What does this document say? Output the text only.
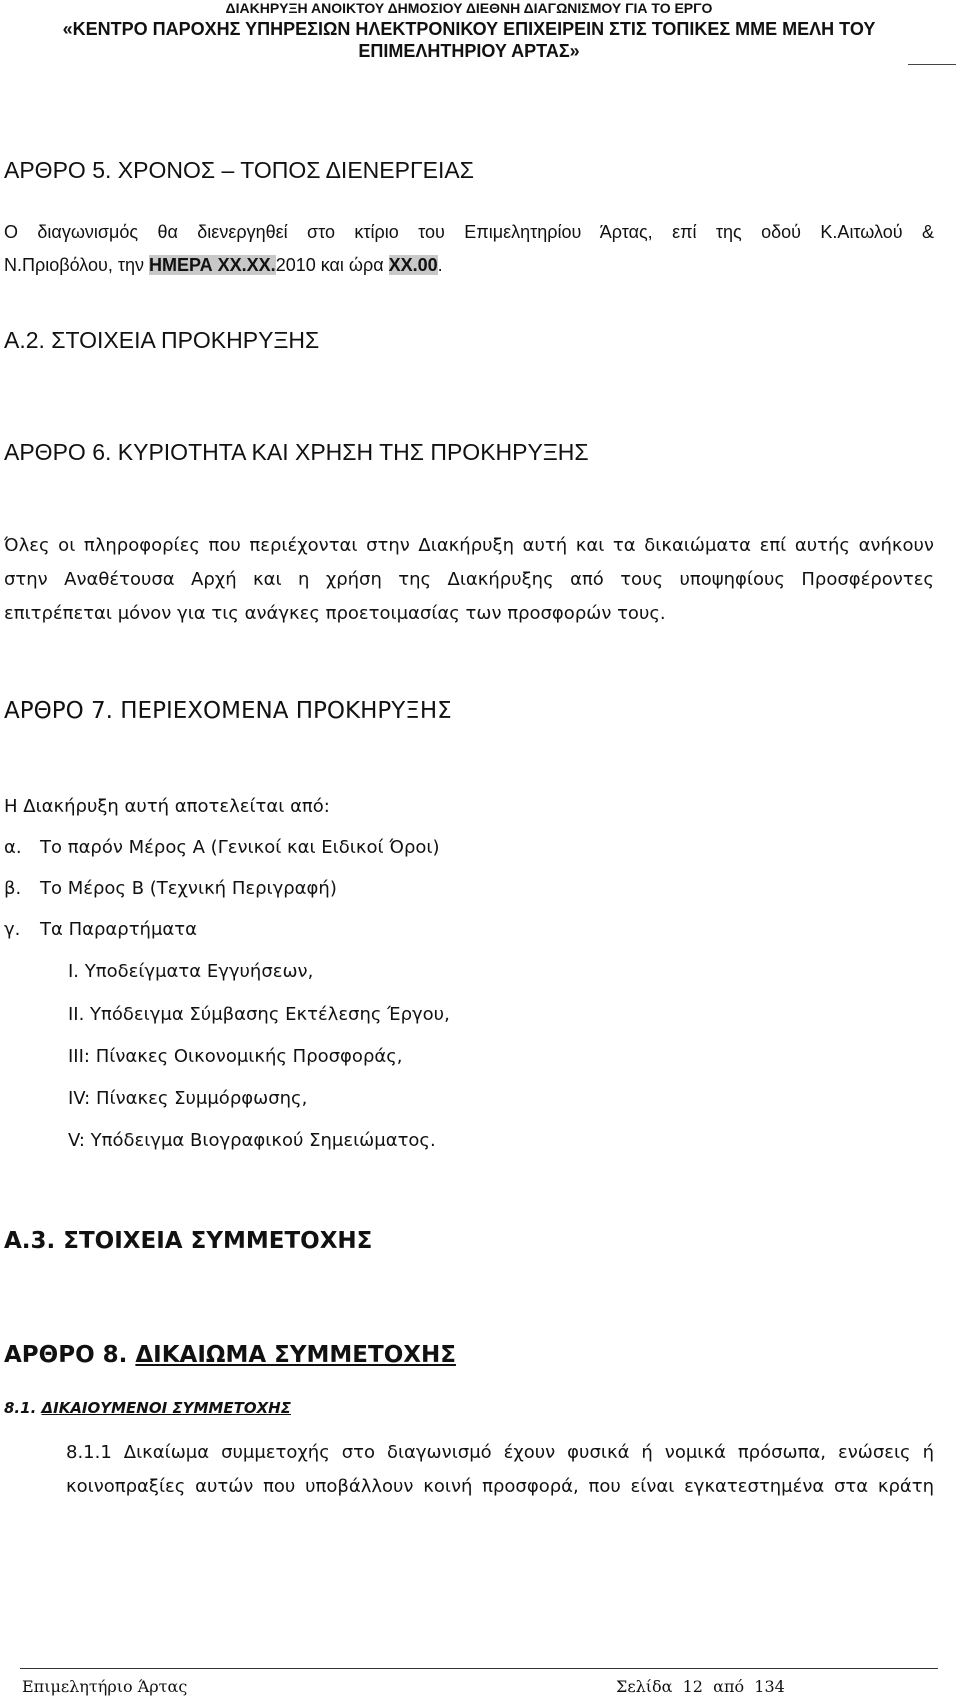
ΔΙΑΚΗΡΥΞΗ ΑΝΟΙΚΤΟΥ ΔΗΜΟΣΙΟΥ ΔΙΕΘΝΗ ΔΙΑΓΩΝΙΣΜΟΥ ΓΙΑ ΤΟ ΕΡΓΟ
«ΚΕΝΤΡΟ ΠΑΡΟΧΗΣ ΥΠΗΡΕΣΙΩΝ ΗΛΕΚΤΡΟΝΙΚΟΥ ΕΠΙΧΕΙΡΕΙΝ ΣΤΙΣ ΤΟΠΙΚΕΣ ΜΜΕ ΜΕΛΗ ΤΟΥ
ΕΠΙΜΕΛΗΤΗΡΙΟΥ ΑΡΤΑΣ»
ΑΡΘΡΟ 5. ΧΡΟΝΟΣ – ΤΟΠΟΣ ΔΙΕΝΕΡΓΕΙΑΣ
Ο διαγωνισμός θα διενεργηθεί στο κτίριο του Επιμελητηρίου Άρτας, επί της οδού Κ.Αιτωλού &
Ν.Πριοβόλου, την ΗΜΕΡΑ ΧΧ.ΧΧ.2010 και ώρα ΧΧ.00.
Α.2. ΣΤΟΙΧΕΙΑ ΠΡΟΚΗΡΥΞΗΣ
ΑΡΘΡΟ 6. ΚΥΡΙΟΤΗΤΑ ΚΑΙ ΧΡΗΣΗ ΤΗΣ ΠΡΟΚΗΡΥΞΗΣ
Όλες οι πληροφορίες που περιέχονται στην Διακήρυξη αυτή και τα δικαιώματα επί αυτής ανήκουν
στην Αναθέτουσα Αρχή και η χρήση της Διακήρυξης από τους υποψηφίους Προσφέροντες
επιτρέπεται μόνον για τις ανάγκες προετοιμασίας των προσφορών τους.
ΑΡΘΡΟ 7. ΠΕΡΙΕΧΟΜΕΝΑ ΠΡΟΚΗΡΥΞΗΣ
Η Διακήρυξη αυτή αποτελείται από:
α. Το παρόν Μέρος Α (Γενικοί και Ειδικοί Όροι)
β. Το Μέρος Β (Τεχνική Περιγραφή)
γ. Τα Παραρτήματα
Ι. Υποδείγματα Εγγυήσεων,
ΙΙ. Υπόδειγμα Σύμβασης Εκτέλεσης Έργου,
ΙΙΙ: Πίνακες Οικονομικής Προσφοράς,
ΙV: Πίνακες Συμμόρφωσης,
V: Υπόδειγμα Βιογραφικού Σημειώματος.
Α.3. ΣΤΟΙΧΕΙΑ ΣΥΜΜΕΤΟΧΗΣ
ΑΡΘΡΟ 8. ΔΙΚΑΙΩΜΑ ΣΥΜΜΕΤΟΧΗΣ
8.1. ΔΙΚΑΙΟΥΜΕΝΟΙ ΣΥΜΜΕΤΟΧΗΣ
8.1.1 Δικαίωμα συμμετοχής στο διαγωνισμό έχουν φυσικά ή νομικά πρόσωπα, ενώσεις ή
κοινοπραξίες αυτών που υποβάλλουν κοινή προσφορά, που είναι εγκατεστημένα στα κράτη
Επιμελητήριο Άρτας	Σελίδα 12 από 134
